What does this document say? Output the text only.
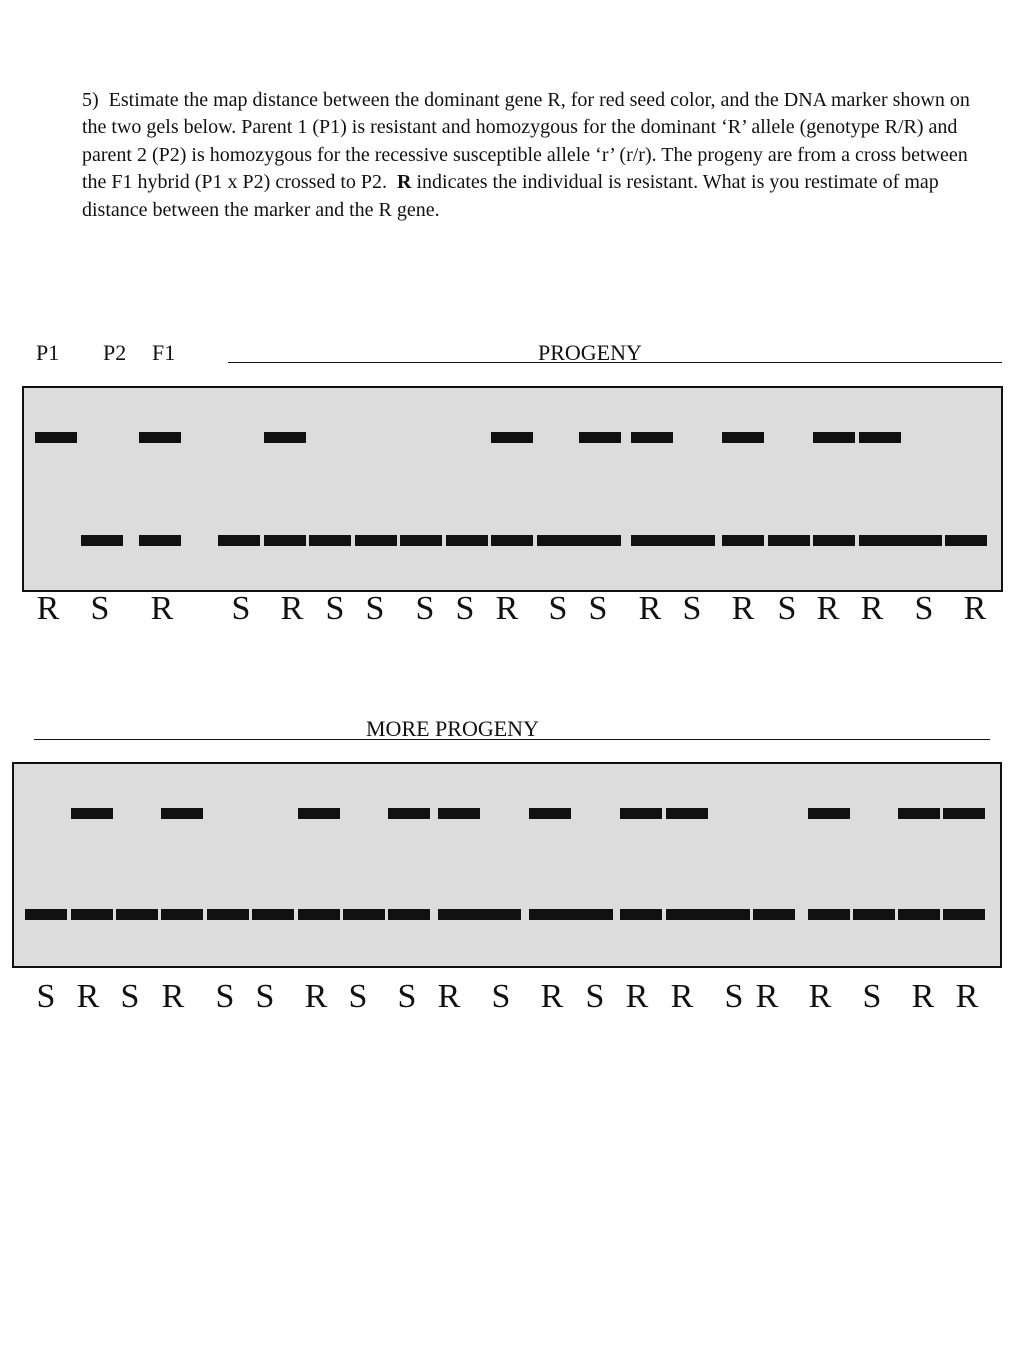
5) Estimate the map distance between the dominant gene R, for red seed color, and the DNA marker shown on the two gels below. Parent 1 (P1) is resistant and homozygous for the dominant ‘R’ allele (genotype R/R) and parent 2 (P2) is homozygous for the recessive susceptible allele ‘r’ (r/r). The progeny are from a cross between the F1 hybrid (P1 x P2) crossed to P2. R indicates the individual is resistant. What is you restimate of map distance between the marker and the R gene.
P1 P2 F1	PROGENY
R S	R	S R S S S S R S S R S R S R R S R
MORE PROGENY
S R S R S S R S S R S R S R R S R R S R R
